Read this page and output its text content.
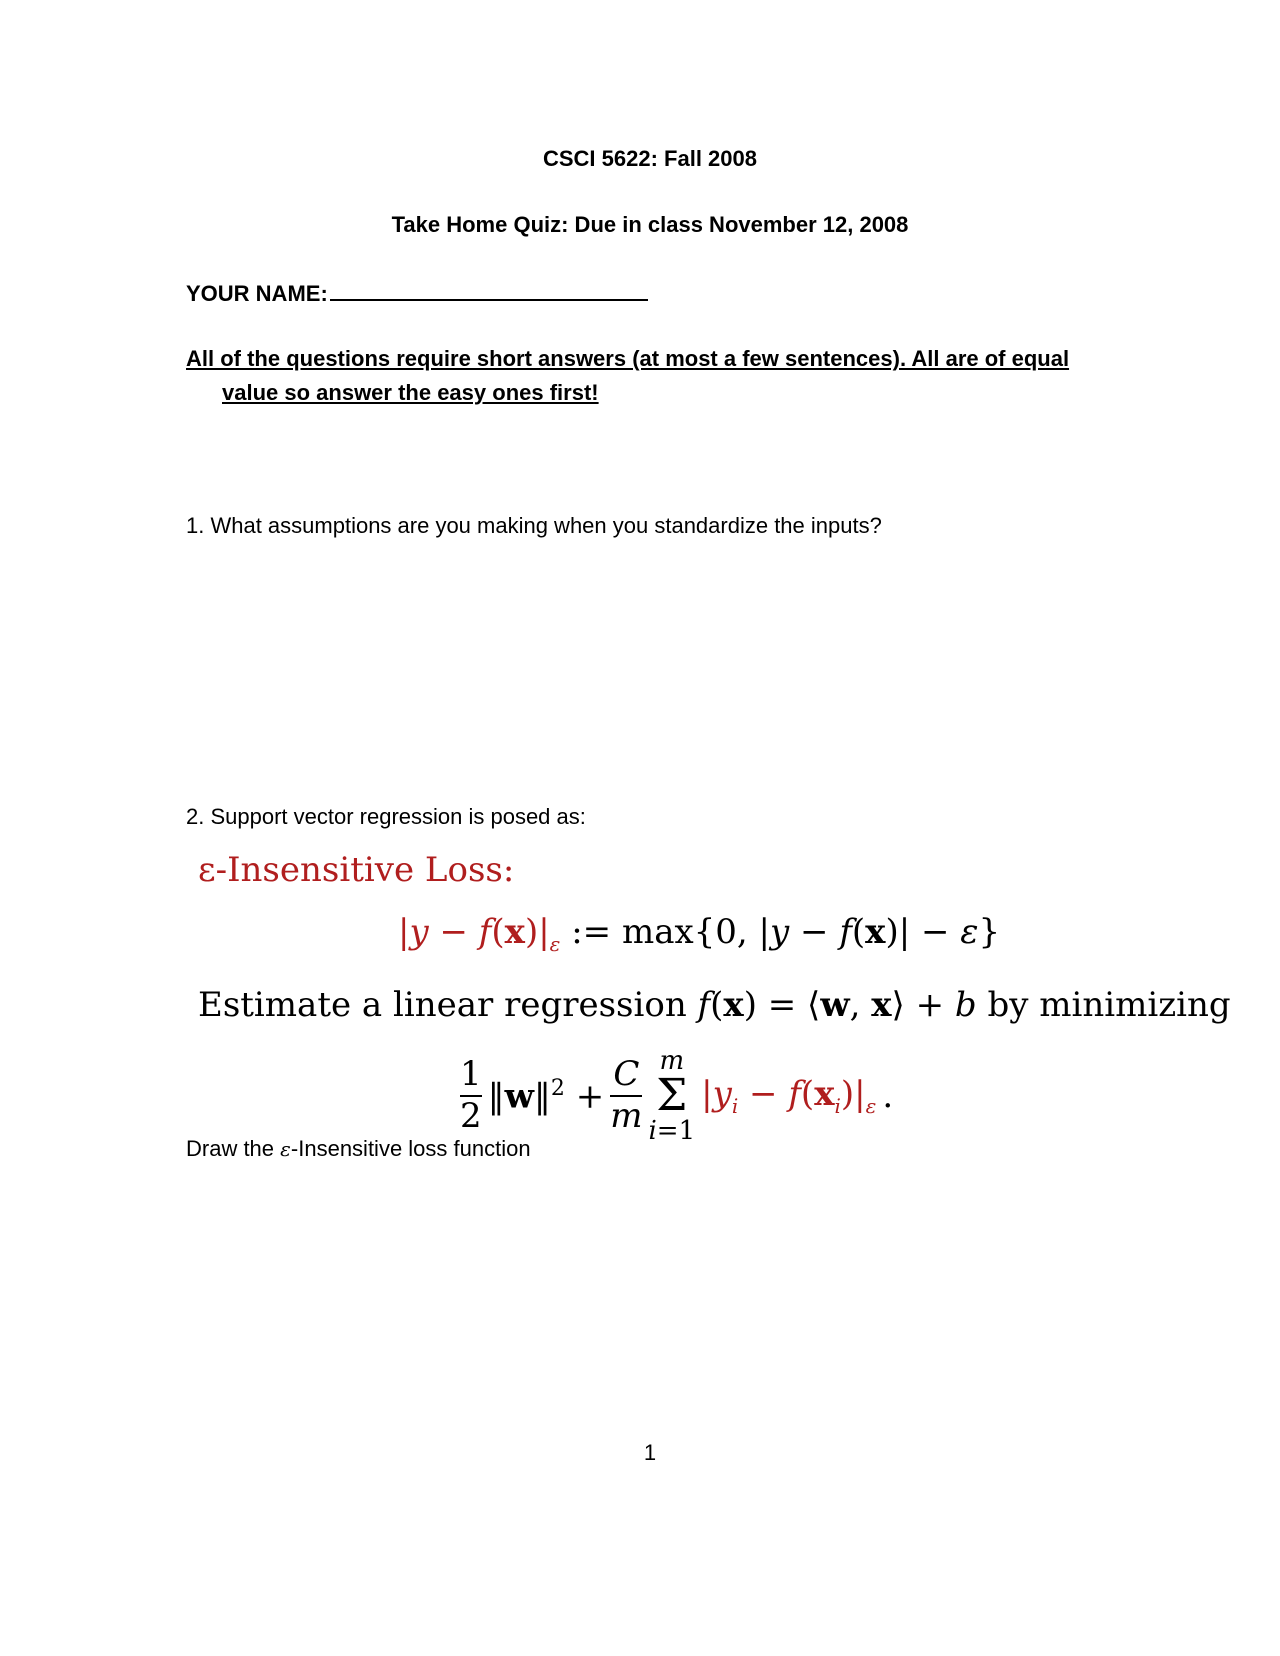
CSCI 5622: Fall 2008
Take Home Quiz: Due in class November 12, 2008
YOUR NAME:
All of the questions require short answers (at most a few sentences). All are of equal
value so answer the easy ones first!
1. What assumptions are you making when you standardize the inputs?
2. Support vector regression is posed as:
ε-Insensitive Loss:
$|y - f(x)|_\varepsilon$ := max{0, |y − f(x)| − ε}
Estimate a linear regression f(x) = ⟨w, x⟩ + b by minimizing
$\frac{1}{2}$ ‖w‖$^2$ + $\frac{C}{m}$ m
Σ
i=1
$|y_i - f(x_i)|_\varepsilon$ .
Draw the ε-Insensitive loss function
1
